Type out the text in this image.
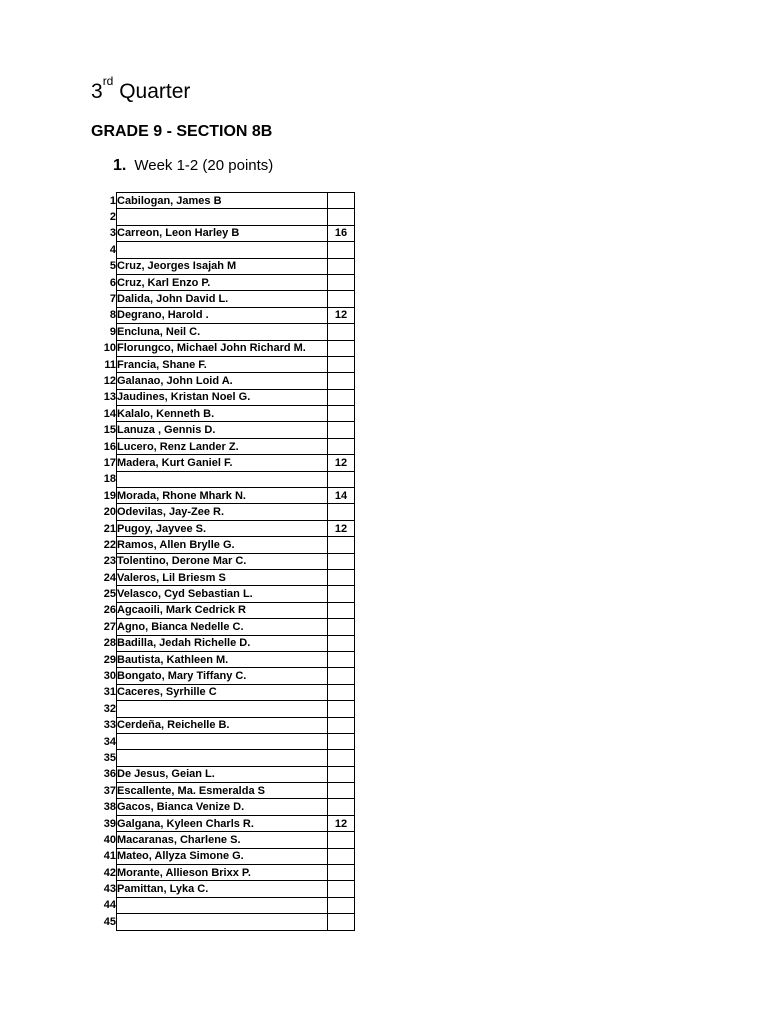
3rd Quarter
GRADE 9 - SECTION 8B
1. Week 1-2 (20 points)
1	Cabilogan, James B	
2		
3	Carreon, Leon Harley B	16
4		
5	Cruz, Jeorges Isajah M	
6	Cruz, Karl Enzo P.	
7	Dalida, John David L.	
8	Degrano, Harold .	12
9	Encluna, Neil C.	
10	Florungco, Michael John Richard M.	
11	Francia, Shane F.	
12	Galanao, John Loid A.	
13	Jaudines, Kristan Noel G.	
14	Kalalo, Kenneth B.	
15	Lanuza , Gennis D.	
16	Lucero, Renz Lander Z.	
17	Madera, Kurt Ganiel F.	12
18		
19	Morada, Rhone Mhark N.	14
20	Odevilas, Jay-Zee R.	
21	Pugoy, Jayvee S.	12
22	Ramos, Allen Brylle G.	
23	Tolentino, Derone Mar C.	
24	Valeros, Lil Briesm S	
25	Velasco, Cyd Sebastian L.	
26	Agcaoili, Mark Cedrick R	
27	Agno, Bianca Nedelle C.	
28	Badilla, Jedah Richelle D.	
29	Bautista, Kathleen M.	
30	Bongato, Mary Tiffany C.	
31	Caceres, Syrhille C	
32		
33	Cerdeña, Reichelle B.	
34		
35		
36	De Jesus, Geian L.	
37	Escallente, Ma. Esmeralda S	
38	Gacos, Bianca Venize D.	
39	Galgana, Kyleen Charls R.	12
40	Macaranas, Charlene S.	
41	Mateo, Allyza Simone G.	
42	Morante, Allieson Brixx P.	
43	Pamittan, Lyka C.	
44		
45		
